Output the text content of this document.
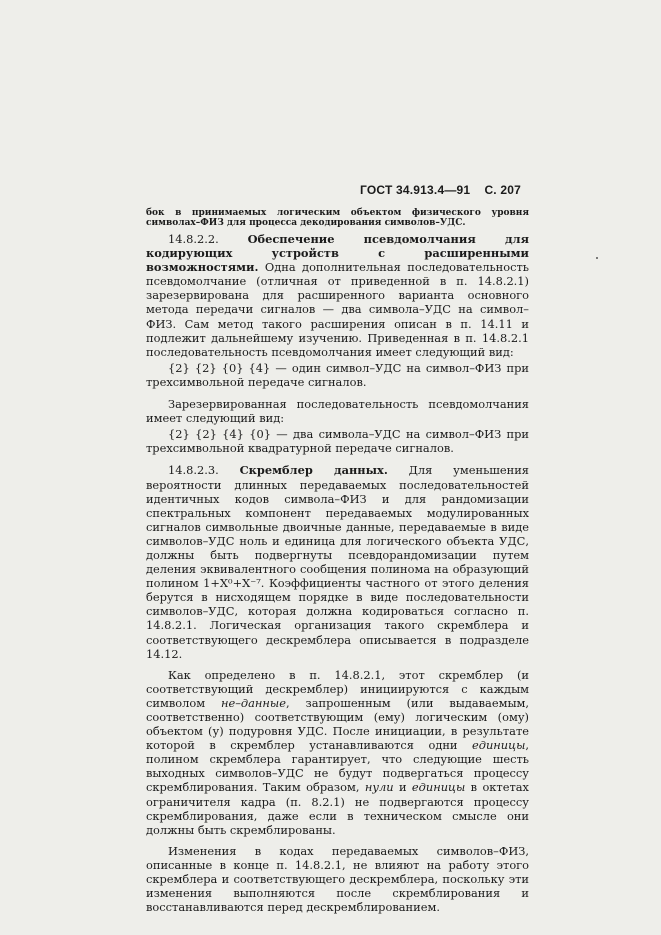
ГОСТ 34.913.4—91 С. 207

бок в принимаемых логическим объектом физического уровня символах–ФИЗ для процесса декодирования символов–УДС.

14.8.2.2.	Обеспечение псевдомолчания для кодирующих устройств с расширенными возможностями. Одна дополнительная последовательность псевдомолчание (отличная от приведенной в п. 14.8.2.1) зарезервирована для расширенного варианта основного метода передачи сигналов — два символа–УДС на символ–ФИЗ. Сам метод такого расширения описан в п. 14.11 и подлежит дальнейшему изучению. Приведенная в п. 14.8.2.1 последовательность псевдомолчания имеет следующий вид:

{2} {2} {0} {4} — один символ–УДС на символ–ФИЗ при трехсимвольной передаче сигналов.

Зарезервированная последовательность псевдомолчания имеет следующий вид:

{2} {2} {4} {0} — два символа–УДС на символ–ФИЗ при трехсимвольной квадратурной передаче сигналов.

14.8.2.3. Скремблер данных. Для уменьшения вероятности длинных передаваемых последовательностей идентичных кодов символа–ФИЗ и для рандомизации спектральных компонент передаваемых модулированных сигналов символьные двоичные данные, передаваемые в виде символов–УДС ноль и единица для логического объекта УДС, должны быть подвергнуты псевдорандомизации путем деления эквивалентного сообщения полинома на образующий полином 1+X⁰+X⁻⁷. Коэффициенты частного от этого деления берутся в нисходящем порядке в виде последовательности символов–УДС, которая должна кодироваться согласно п. 14.8.2.1. Логическая организация такого скремблера и соответствующего дескремблера описывается в подразделе 14.12.

Как определено в п. 14.8.2.1, этот скремблер (и соответствующий дескремблер) инициируются с каждым символом не–данные, запрошенным (или выдаваемым, соответственно) соответствующим (ему) логическим (ому) объектом (у) подуровня УДС. После инициации, в результате которой в скремблер устанавливаются одни единицы, полином скремблера гарантирует, что следующие шесть выходных символов–УДС не будут подвергаться процессу скремблирования. Таким образом, нули и единицы в октетах ограничителя кадра (п. 8.2.1) не подвергаются процессу скремблирования, даже если в техническом смысле они должны быть скремблированы.

Изменения в кодах передаваемых символов–ФИЗ, описанные в конце п. 14.8.2.1, не влияют на работу этого скремблера и соответствующего дескремблера, поскольку эти изменения выполняются после скремблирования и восстанавливаются перед дескремблированием.
